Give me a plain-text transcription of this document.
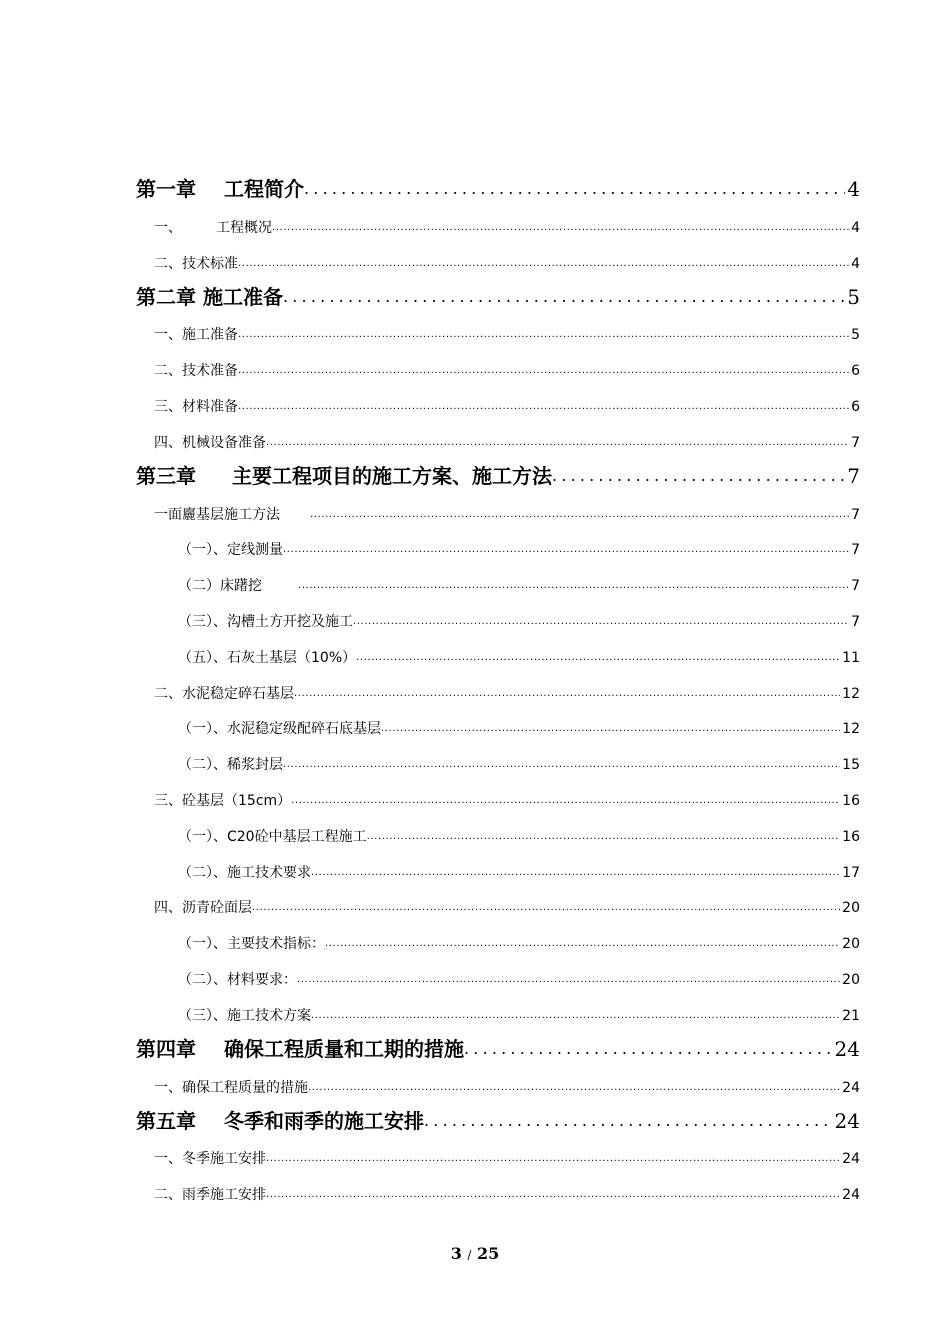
第一章 工程简介 .....	4
一、 工程概况 .....	4
二、技术标准 .....	4
第二章 施工准备 .....	5
一、施工准备 .....	5
二、技术准备 .....	6
三、材料准备 .....	6
四、机械设备准备 .....	7
第三章 主要工程项目的施工方案、施工方法 .....	7
一面廲基层施工方法 .....	7
（一）、定线测量 .....	7
（二）床躇挖 .....	7
（三）、沟槽土方开挖及施工 .....	7
（五）、石灰土基层（10%） .....	11
二、水泥稳定碎石基层 .....	12
（一）、水泥稳定级配碎石底基层 .....	12
（二）、稀浆封层 .....	15
三、砼基层（15cm） .....	16
（一）、C20砼中基层工程施工 .....	16
（二）、施工技术要求 .....	17
四、沥青砼面层 .....	20
（一）、主要技术指标： .....	20
（二）、材料要求： .....	20
（三）、施工技术方案 .....	21
第四章 确保工程质量和工期的措施 .....	24
一、确保工程质量的措施 .....	24
第五章 冬季和雨季的施工安排 .....	24
一、冬季施工安排 .....	24
二、雨季施工安排 .....	24
3 / 25
